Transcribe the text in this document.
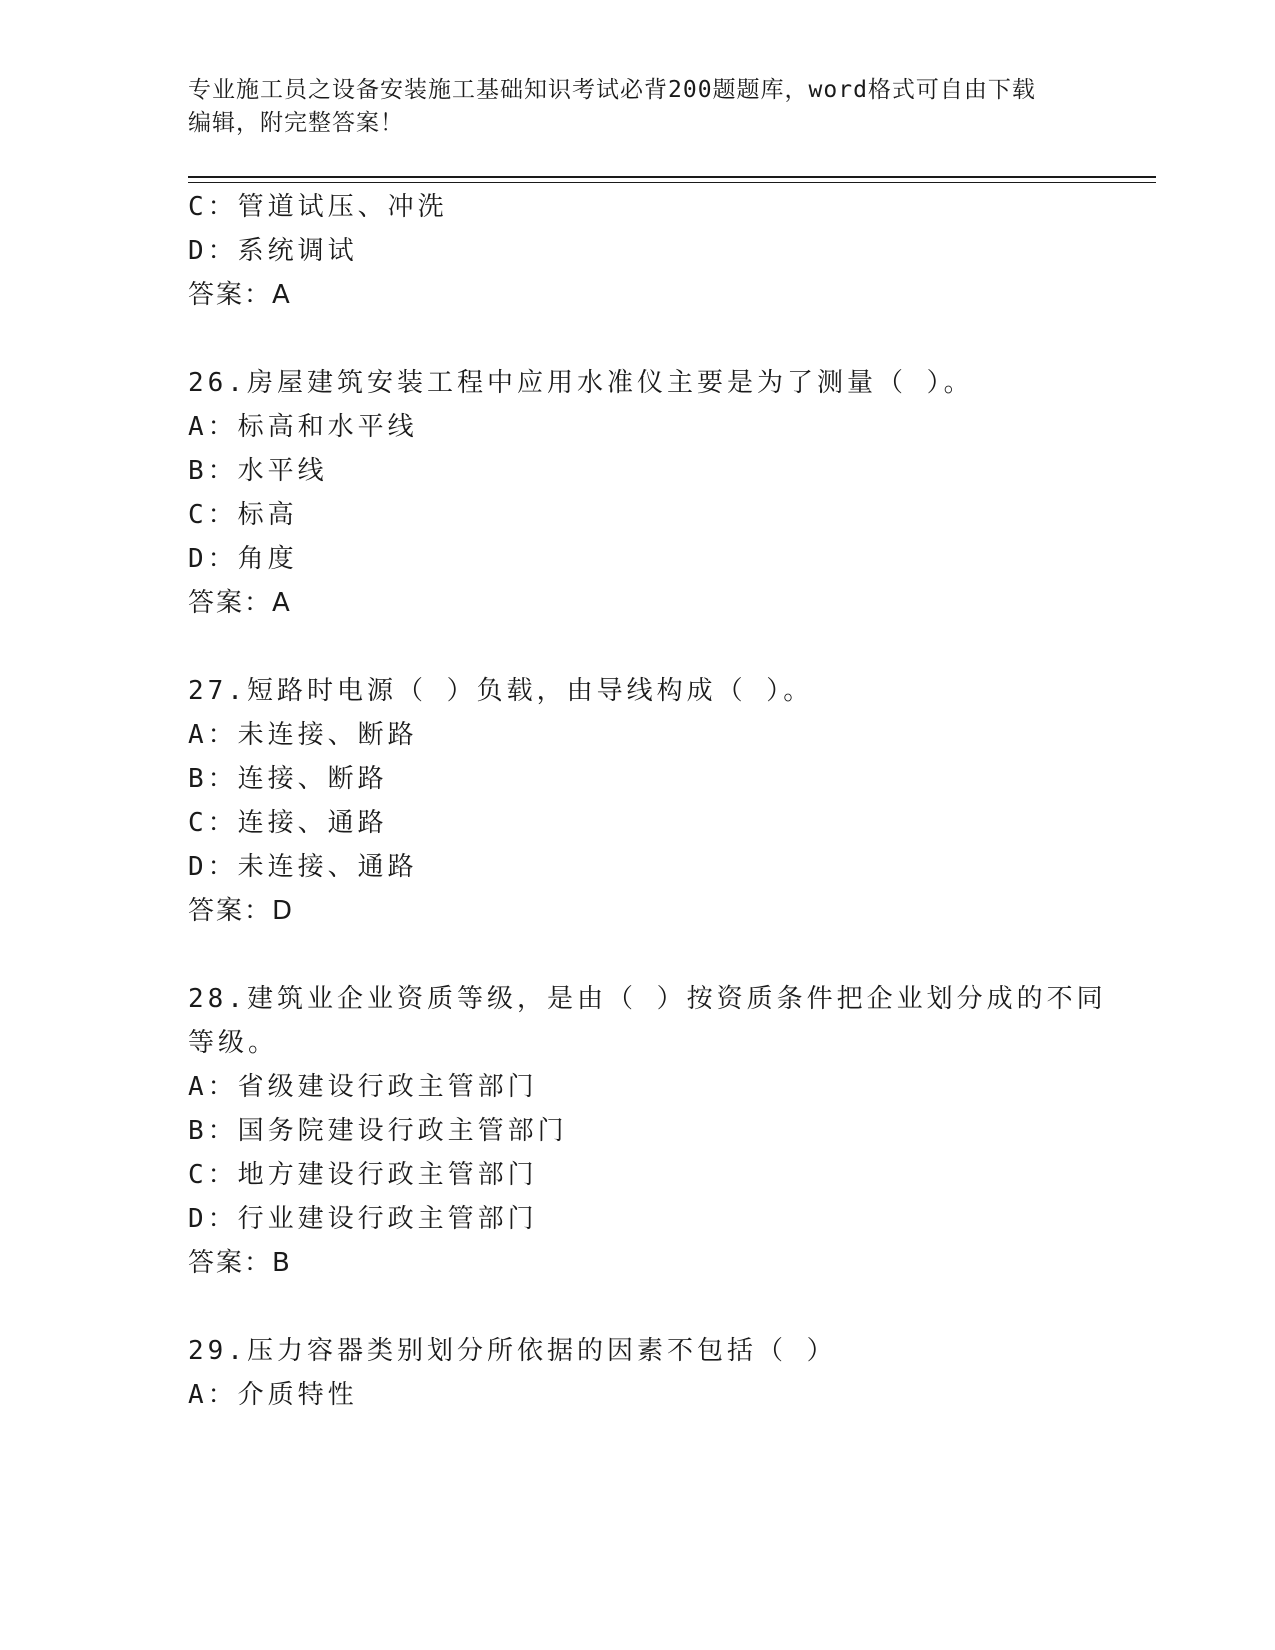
专业施工员之设备安装施工基础知识考试必背200题题库，word格式可自由下载
编辑，附完整答案！
C：管道试压、冲洗
D：系统调试
答案：A
26.房屋建筑安装工程中应用水准仪主要是为了测量（ ）。
A：标高和水平线
B：水平线
C：标高
D：角度
答案：A
27.短路时电源（ ）负载，由导线构成（ ）。
A：未连接、断路
B：连接、断路
C：连接、通路
D：未连接、通路
答案：D
28.建筑业企业资质等级，是由（ ）按资质条件把企业划分成的不同
等级。
A：省级建设行政主管部门
B：国务院建设行政主管部门
C：地方建设行政主管部门
D：行业建设行政主管部门
答案：B
29.压力容器类别划分所依据的因素不包括（ ）
A：介质特性
